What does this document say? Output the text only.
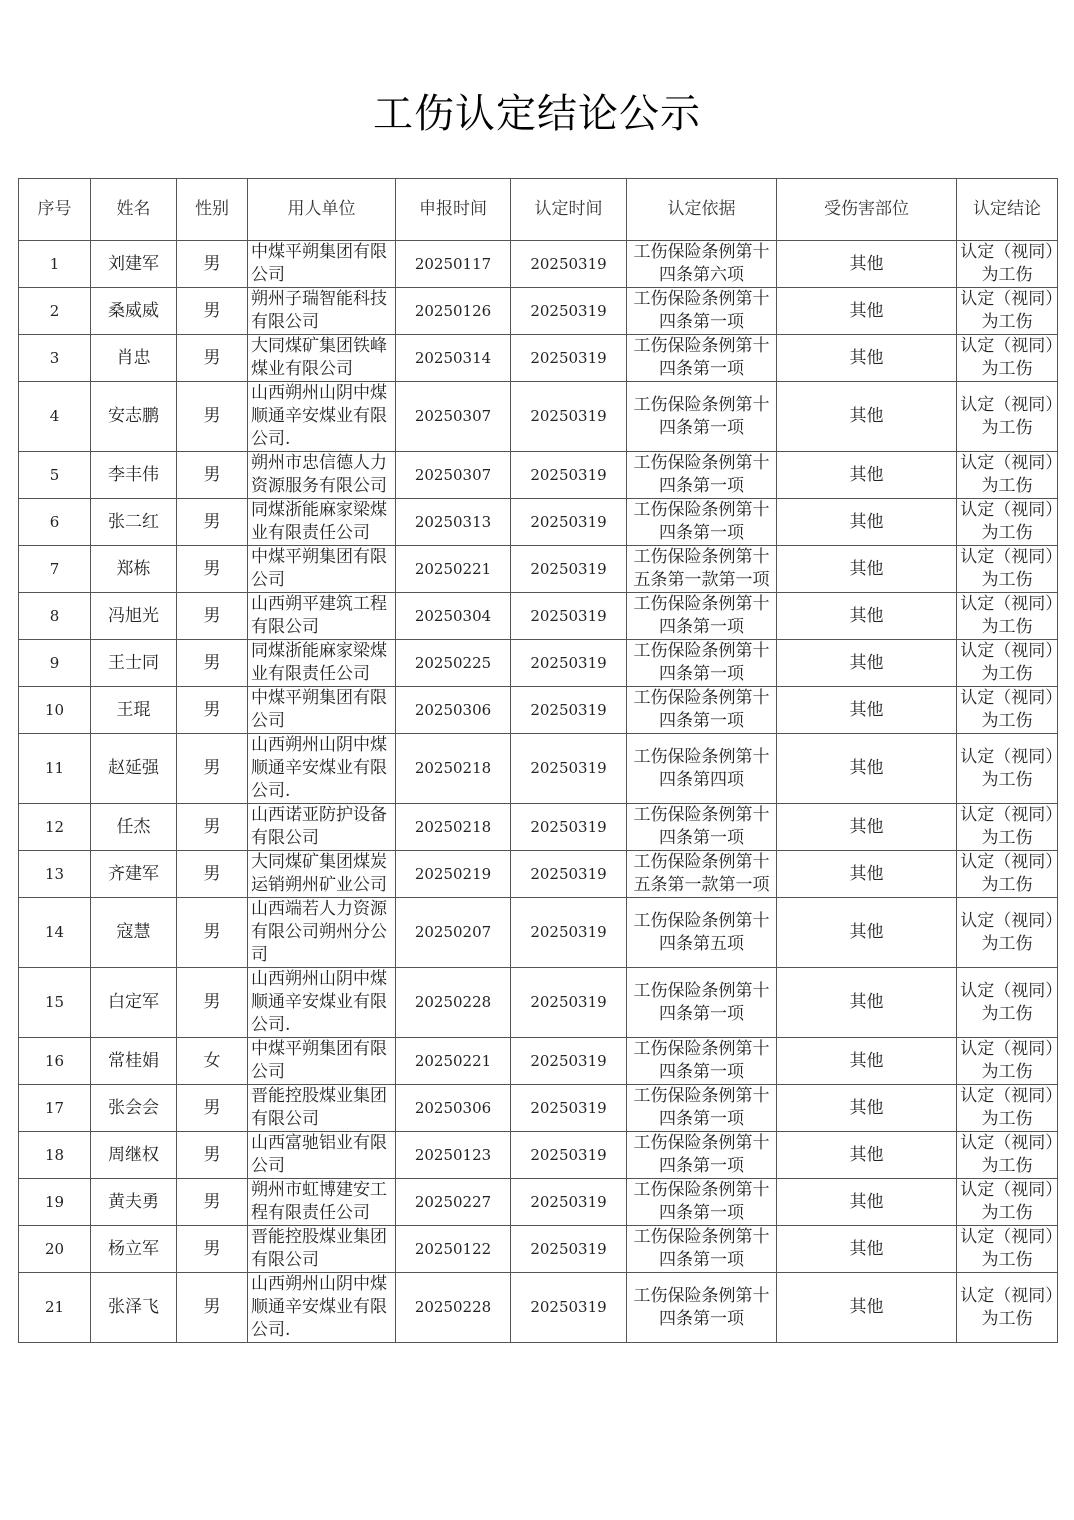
工伤认定结论公示
序号	姓名	性别	用人单位	申报时间	认定时间	认定依据	受伤害部位	认定结论
1	刘建军	男	中煤平朔集团有限公司	20250117	20250319	工伤保险条例第十四条第六项	其他	认定（视同）为工伤
2	桑威威	男	朔州子瑞智能科技有限公司	20250126	20250319	工伤保险条例第十四条第一项	其他	认定（视同）为工伤
3	肖忠	男	大同煤矿集团铁峰煤业有限公司	20250314	20250319	工伤保险条例第十四条第一项	其他	认定（视同）为工伤
4	安志鹏	男	山西朔州山阴中煤顺通辛安煤业有限公司.	20250307	20250319	工伤保险条例第十四条第一项	其他	认定（视同）为工伤
5	李丰伟	男	朔州市忠信德人力资源服务有限公司	20250307	20250319	工伤保险条例第十四条第一项	其他	认定（视同）为工伤
6	张二红	男	同煤浙能麻家梁煤业有限责任公司	20250313	20250319	工伤保险条例第十四条第一项	其他	认定（视同）为工伤
7	郑栋	男	中煤平朔集团有限公司	20250221	20250319	工伤保险条例第十五条第一款第一项	其他	认定（视同）为工伤
8	冯旭光	男	山西朔平建筑工程有限公司	20250304	20250319	工伤保险条例第十四条第一项	其他	认定（视同）为工伤
9	王士同	男	同煤浙能麻家梁煤业有限责任公司	20250225	20250319	工伤保险条例第十四条第一项	其他	认定（视同）为工伤
10	王琨	男	中煤平朔集团有限公司	20250306	20250319	工伤保险条例第十四条第一项	其他	认定（视同）为工伤
11	赵延强	男	山西朔州山阴中煤顺通辛安煤业有限公司.	20250218	20250319	工伤保险条例第十四条第四项	其他	认定（视同）为工伤
12	任杰	男	山西诺亚防护设备有限公司	20250218	20250319	工伤保险条例第十四条第一项	其他	认定（视同）为工伤
13	齐建军	男	大同煤矿集团煤炭运销朔州矿业公司	20250219	20250319	工伤保险条例第十五条第一款第一项	其他	认定（视同）为工伤
14	寇慧	男	山西端若人力资源有限公司朔州分公司	20250207	20250319	工伤保险条例第十四条第五项	其他	认定（视同）为工伤
15	白定军	男	山西朔州山阴中煤顺通辛安煤业有限公司.	20250228	20250319	工伤保险条例第十四条第一项	其他	认定（视同）为工伤
16	常桂娟	女	中煤平朔集团有限公司	20250221	20250319	工伤保险条例第十四条第一项	其他	认定（视同）为工伤
17	张会会	男	晋能控股煤业集团有限公司	20250306	20250319	工伤保险条例第十四条第一项	其他	认定（视同）为工伤
18	周继权	男	山西富驰铝业有限公司	20250123	20250319	工伤保险条例第十四条第一项	其他	认定（视同）为工伤
19	黄夫勇	男	朔州市虹博建安工程有限责任公司	20250227	20250319	工伤保险条例第十四条第一项	其他	认定（视同）为工伤
20	杨立军	男	晋能控股煤业集团有限公司	20250122	20250319	工伤保险条例第十四条第一项	其他	认定（视同）为工伤
21	张泽飞	男	山西朔州山阴中煤顺通辛安煤业有限公司.	20250228	20250319	工伤保险条例第十四条第一项	其他	认定（视同）为工伤
